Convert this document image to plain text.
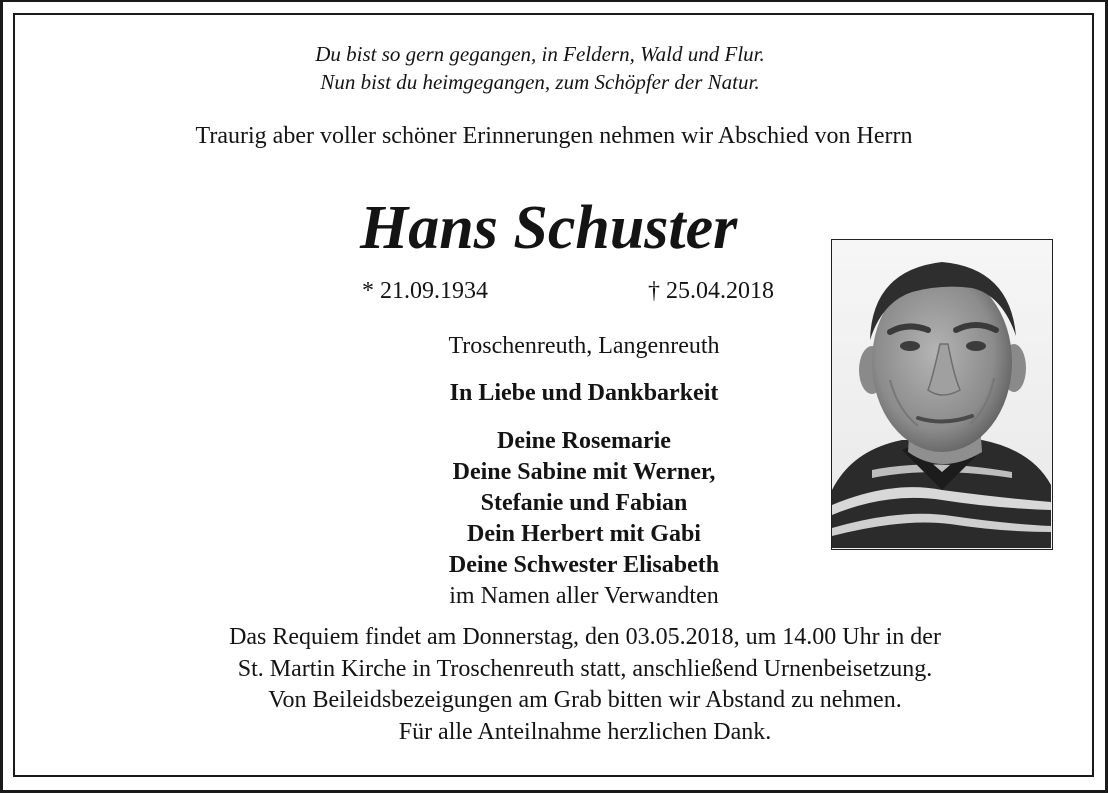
Du bist so gern gegangen, in Feldern, Wald und Flur.
Nun bist du heimgegangen, zum Schöpfer der Natur.
Traurig aber voller schöner Erinnerungen nehmen wir Abschied von Herrn
Hans Schuster
* 21.09.1934	† 25.04.2018
Troschenreuth, Langenreuth
In Liebe und Dankbarkeit
Deine Rosemarie
Deine Sabine mit Werner,
Stefanie und Fabian
Dein Herbert mit Gabi
Deine Schwester Elisabeth
im Namen aller Verwandten
Das Requiem findet am Donnerstag, den 03.05.2018, um 14.00 Uhr in der
St. Martin Kirche in Troschenreuth statt, anschließend Urnenbeisetzung.
Von Beileidsbezeigungen am Grab bitten wir Abstand zu nehmen.
Für alle Anteilnahme herzlichen Dank.
